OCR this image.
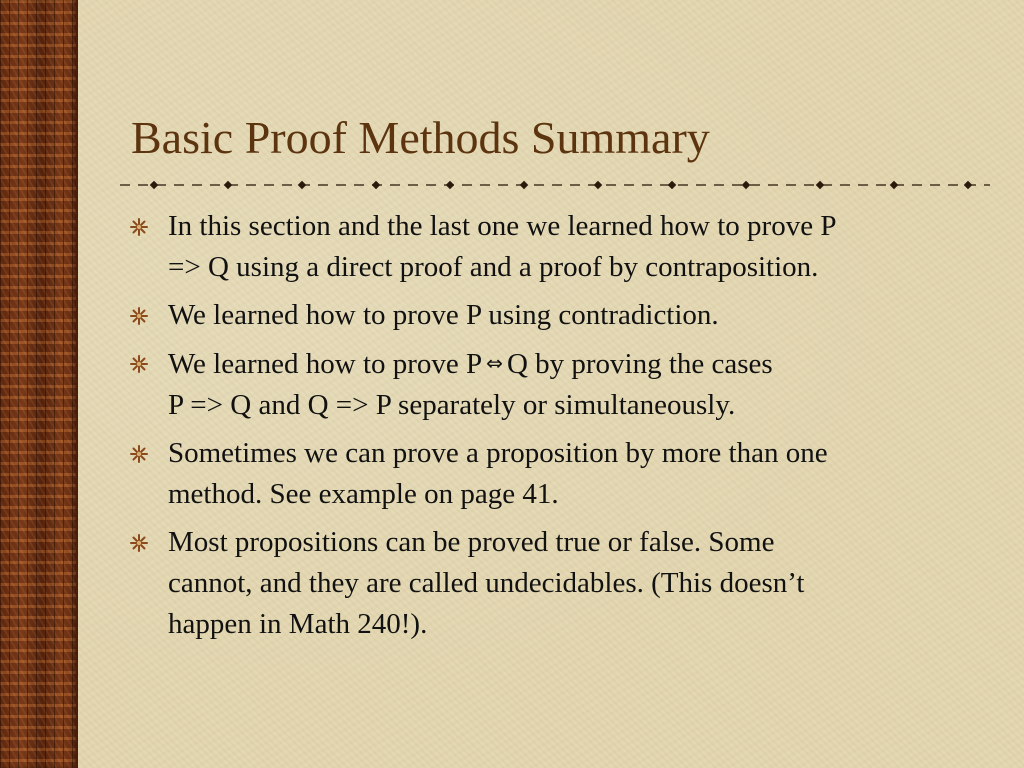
Basic Proof Methods Summary
In this section and the last one we learned how to prove P
=> Q using a direct proof and a proof by contraposition.
We learned how to prove P using contradiction.
We learned how to prove P ⇔ Q by proving the cases
P => Q and Q => P separately or simultaneously.
Sometimes we can prove a proposition by more than one
method. See example on page 41.
Most propositions can be proved true or false. Some
cannot, and they are called undecidables. (This doesn’t
happen in Math 240!).
